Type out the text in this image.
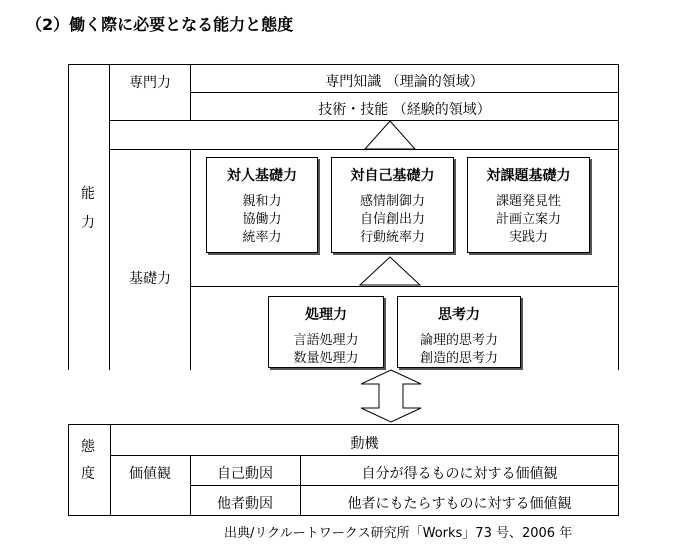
（2）働く際に必要となる能力と態度
能
力
専門力	専門知識 （理論的領域）
技術・技能 （経験的領域）
基礎力
対人基礎力
親和力
協働力
統率力
対自己基礎力
感情制御力
自信創出力
行動統率力
対課題基礎力
課題発見性
計画立案力
実践力
処理力
言語処理力
数量処理力
思考力
論理的思考力
創造的思考力
態
度
動機
価値観	自己動因	自分が得るものに対する価値観
他者動因	他者にもたらすものに対する価値観
出典/リクルートワークス研究所「Works」73 号、2006 年
